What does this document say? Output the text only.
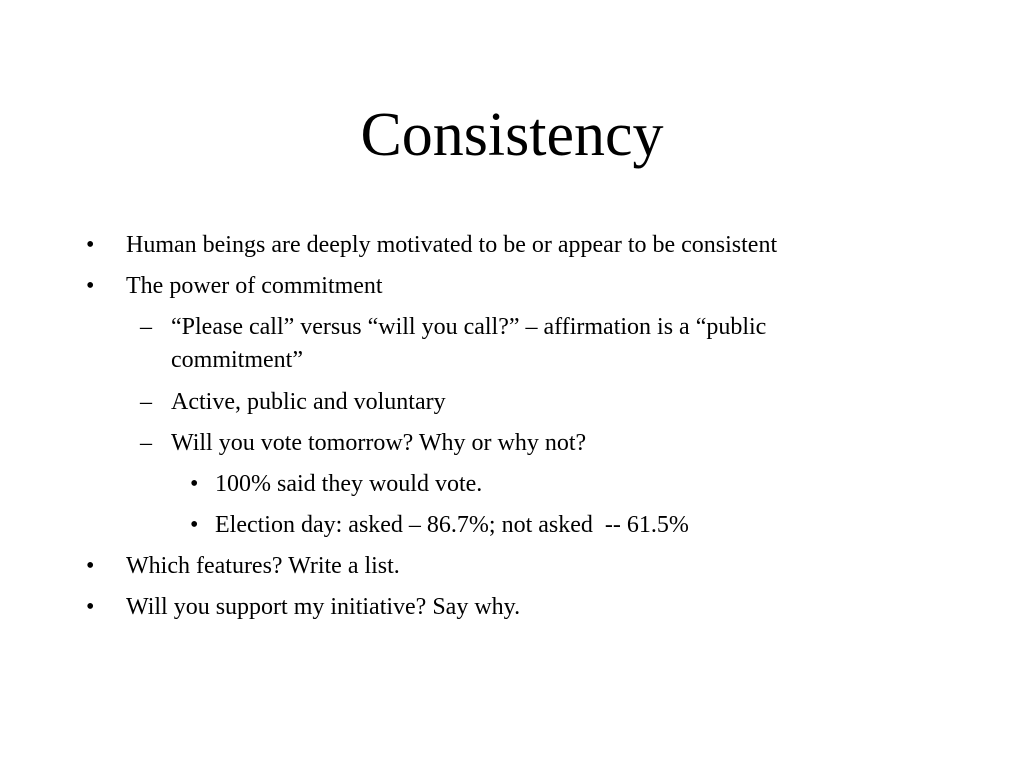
Consistency
• Human beings are deeply motivated to be or appear to be consistent
• The power of commitment
– “Please call” versus “will you call?” – affirmation is a “public
commitment”
– Active, public and voluntary
– Will you vote tomorrow? Why or why not?
• 100% said they would vote.
• Election day: asked – 86.7%; not asked  -- 61.5%
• Which features? Write a list.
• Will you support my initiative? Say why.
